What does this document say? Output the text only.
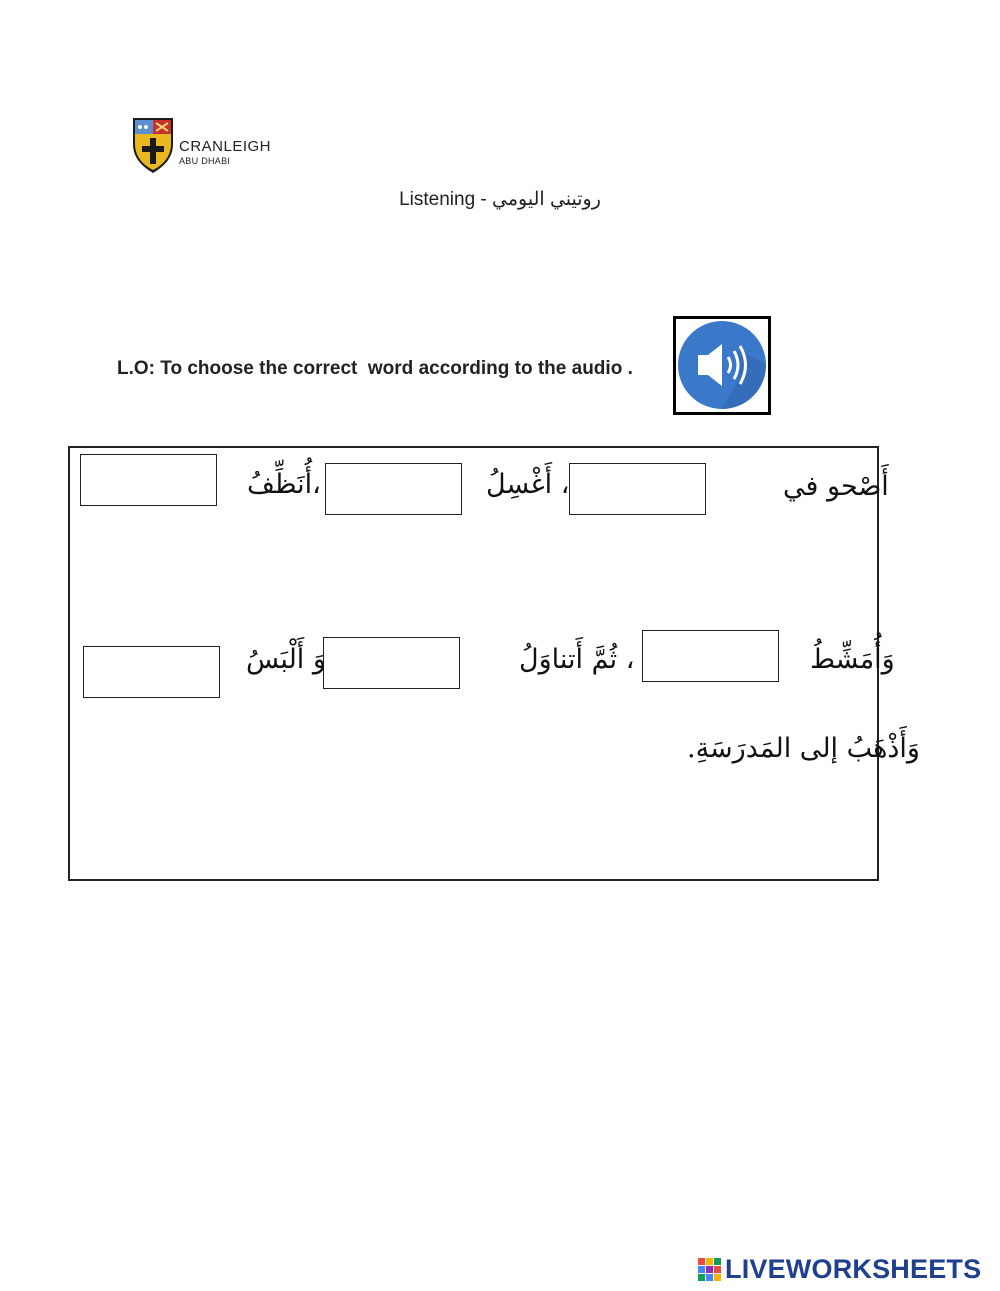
CRANLEIGH
ABU DHABI
Listening - روتيني اليومي
L.O: To choose the correct  word according to the audio .
أَصْحو في
، أَغْسِلُ
،أُنَظِّفُ
وَأُمَشِّطُ
، ثُمَّ أَتناوَلُ
وَ أَلْبَسُ
وَأَذْهَبُ إلى المَدرَسَةِ.
LIVEWORKSHEETS
